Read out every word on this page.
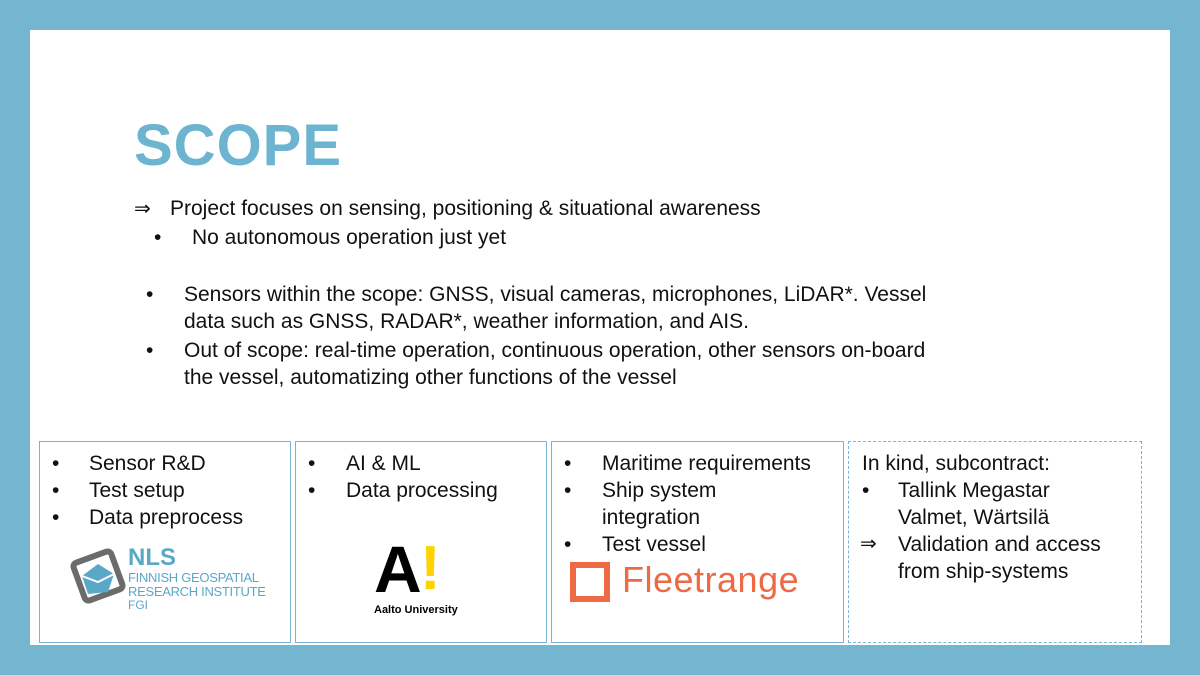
SCOPE
⇒ Project focuses on sensing, positioning & situational awareness
• No autonomous operation just yet
• Sensors within the scope: GNSS, visual cameras, microphones, LiDAR*. Vessel
data such as GNSS, RADAR*, weather information, and AIS.
• Out of scope: real-time operation, continuous operation, other sensors on-board
the vessel, automatizing other functions of the vessel
• Sensor R&D
• Test setup
• Data preprocess
NLS
FINNISH GEOSPATIAL
RESEARCH INSTITUTE
FGI
• AI & ML
• Data processing
A
!
Aalto University
• Maritime requirements
• Ship system
integration
• Test vessel
Fleetrange
In kind, subcontract:
• Tallink Megastar
Valmet, Wärtsilä
⇒ Validation and access
from ship-systems
